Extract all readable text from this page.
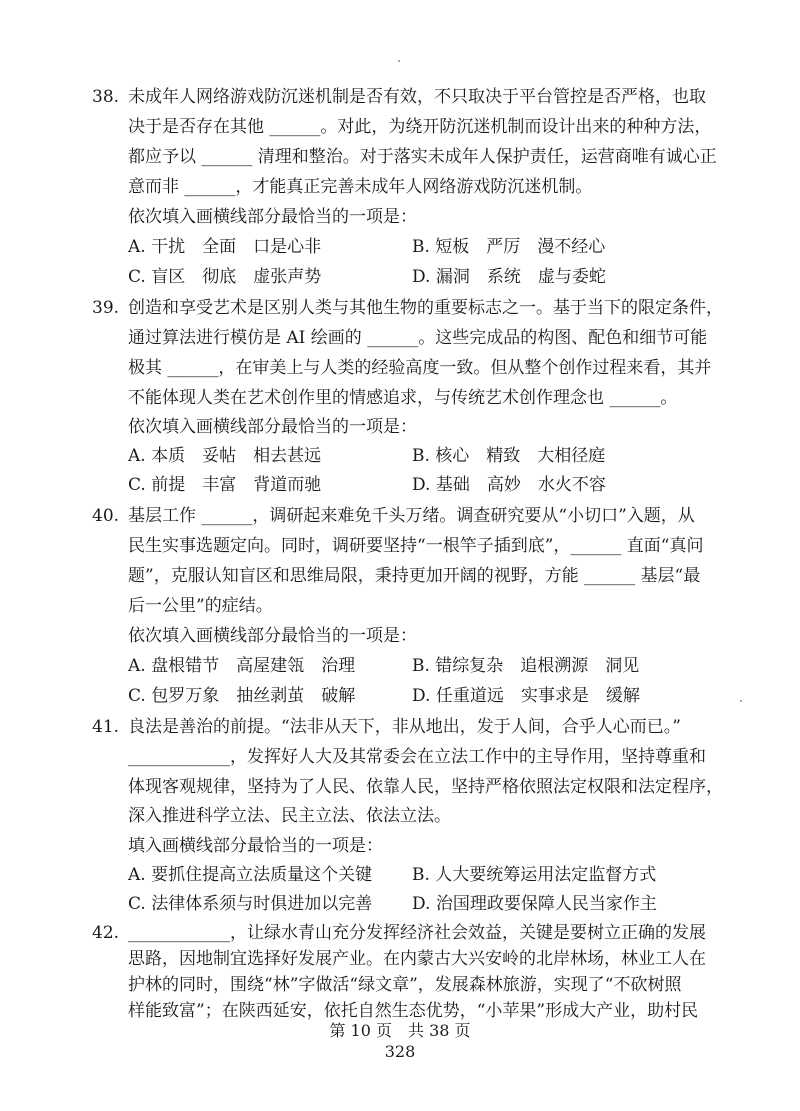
38. 未成年人网络游戏防沉迷机制是否有效，不只取决于平台管控是否严格，也取
决于是否存在其他 ______。对此，为绕开防沉迷机制而设计出来的种种方法，
都应予以 ______ 清理和整治。对于落实未成年人保护责任，运营商唯有诚心正
意而非 ______，才能真正完善未成年人网络游戏防沉迷机制。
依次填入画横线部分最恰当的一项是：
A. 干扰　全面　口是心非	B. 短板　严厉　漫不经心
C. 盲区　彻底　虚张声势	D. 漏洞　系统　虚与委蛇
39. 创造和享受艺术是区别人类与其他生物的重要标志之一。基于当下的限定条件，
通过算法进行模仿是 AI 绘画的 ______。这些完成品的构图、配色和细节可能
极其 ______，在审美上与人类的经验高度一致。但从整个创作过程来看，其并
不能体现人类在艺术创作里的情感追求，与传统艺术创作理念也 ______。
依次填入画横线部分最恰当的一项是：
A. 本质　妥帖　相去甚远	B. 核心　精致　大相径庭
C. 前提　丰富　背道而驰	D. 基础　高妙　水火不容
40. 基层工作 ______，调研起来难免千头万绪。调查研究要从“小切口”入题，从
民生实事选题定向。同时，调研要坚持“一根竿子插到底”，______ 直面“真问
题”，克服认知盲区和思维局限，秉持更加开阔的视野，方能 ______ 基层“最
后一公里”的症结。
依次填入画横线部分最恰当的一项是：
A. 盘根错节　高屋建瓴　治理	B. 错综复杂　追根溯源　洞见
C. 包罗万象　抽丝剥茧　破解	D. 任重道远　实事求是　缓解
41. 良法是善治的前提。“法非从天下，非从地出，发于人间，合乎人心而已。”
____________，发挥好人大及其常委会在立法工作中的主导作用，坚持尊重和
体现客观规律，坚持为了人民、依靠人民，坚持严格依照法定权限和法定程序，
深入推进科学立法、民主立法、依法立法。
填入画横线部分最恰当的一项是：
A. 要抓住提高立法质量这个关键 B. 人大要统筹运用法定监督方式
C. 法律体系须与时俱进加以完善 D. 治国理政要保障人民当家作主
42. ____________，让绿水青山充分发挥经济社会效益，关键是要树立正确的发展
思路，因地制宜选择好发展产业。在内蒙古大兴安岭的北岸林场，林业工人在
护林的同时，围绕“林”字做活“绿文章”，发展森林旅游，实现了“不砍树照
样能致富”；在陕西延安，依托自然生态优势，“小苹果”形成大产业，助村民
第 10 页　共 38 页
328
